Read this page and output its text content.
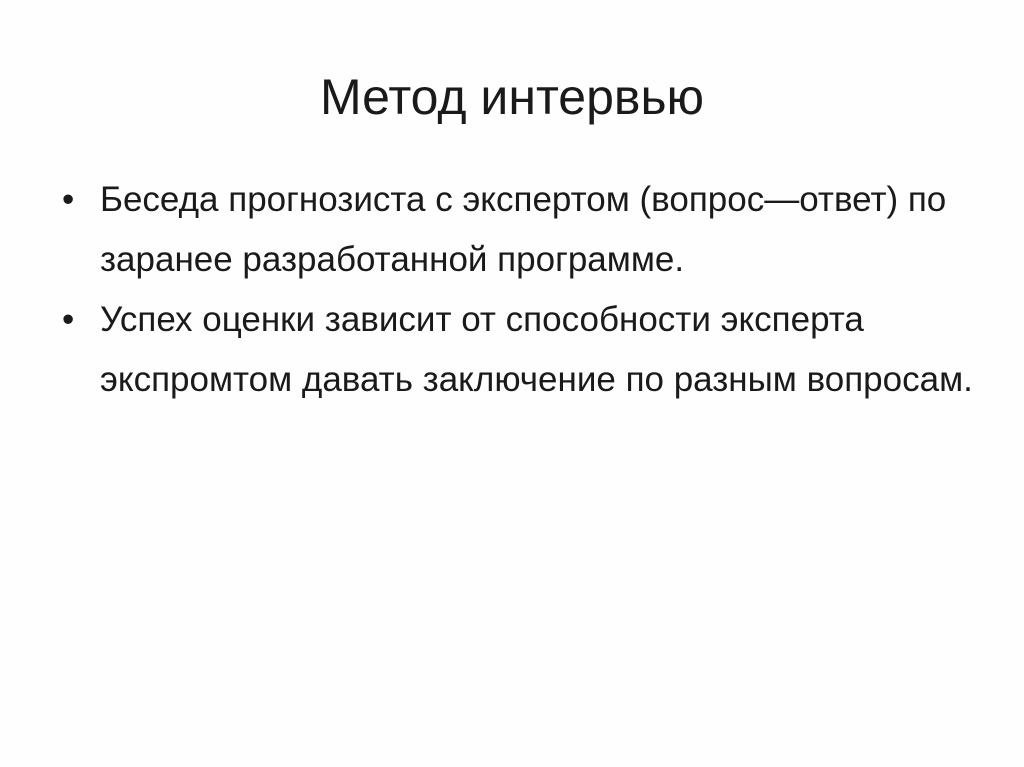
Метод интервью
• Беседа прогнозиста с экспертом (вопрос—ответ) по заранее разработанной программе.
• Успех оценки зависит от способности эксперта экспромтом давать заключение по разным вопросам.
